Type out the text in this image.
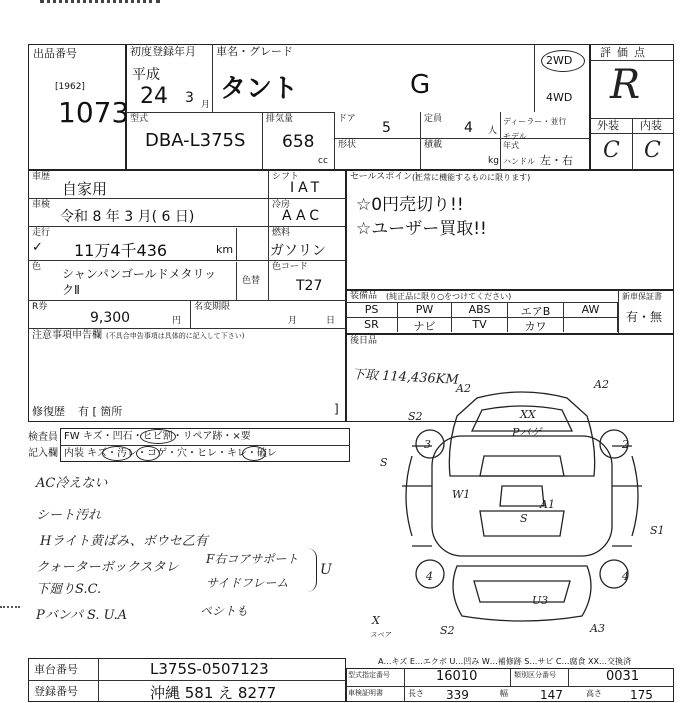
出品番号
[1962]
1073
初度登録年月
平成
24 3 月
車名・グレード
タント	G
2WD
4WD
評価点
R
外装 内装
C C
型式
DBA-L375S
排気量
658
cc
ドア
5
定員
4 人
ディーラー・並行
形状	積載
kg
モデル年式
ハンドル 左・右
車歴
自家用
車検
令和 8 年 3 月( 6 日)
走行
✓ 11万4千436	km
色 シャンパンゴールドメタリックⅡ
色替
シフト
IAT
冷房
AAC
燃料
ガソリン
色コード
T27
R券
9,300	円
名変期限
月	日
注意事項申告欄 (不具合申告事項は具体的に記入して下さい)
修復歴 有 [ 箇所	]
セールスポイント
(正常に機能するものに限ります)
☆0円売切り!!
☆ユーザー買取!!
装備品 (純正品に限り○をつけてください)	新車保証書
有・無
PS	PW	ABS	エアB	AW
SR	ナビ	TV	カワ
後日品
検査員
記入欄
FW キズ・凹石・ヒビ割・リペア跡・×要
内装 キズ・汚レ・コゲ・穴・ヒレ・キレ・破レ
AC冷えない
シート汚れ
Hライト黄ばみ、ボウセ乙有
クォーターボックスタレ
下廻りS.C.
Pバンパ S. U.A
F右コアサポート
サイドフレーム
ペシトも
U
下取 114,436KM
A2	A2
S2	XX
Pバゲ
3	2
W1
A1
S
4	4
S1
U3
A3
S2
X
スペア
S
A…キズ E…エクボ U…凹み W…補修跡 S…サビ C…腐食 XX…交換済
車台番号	L375S-0507123
登録番号	沖縄 581 え 8277
型式指定番号	16010	類別区分番号	0031
車検証明書	長さ 339	幅	147	高さ 175
